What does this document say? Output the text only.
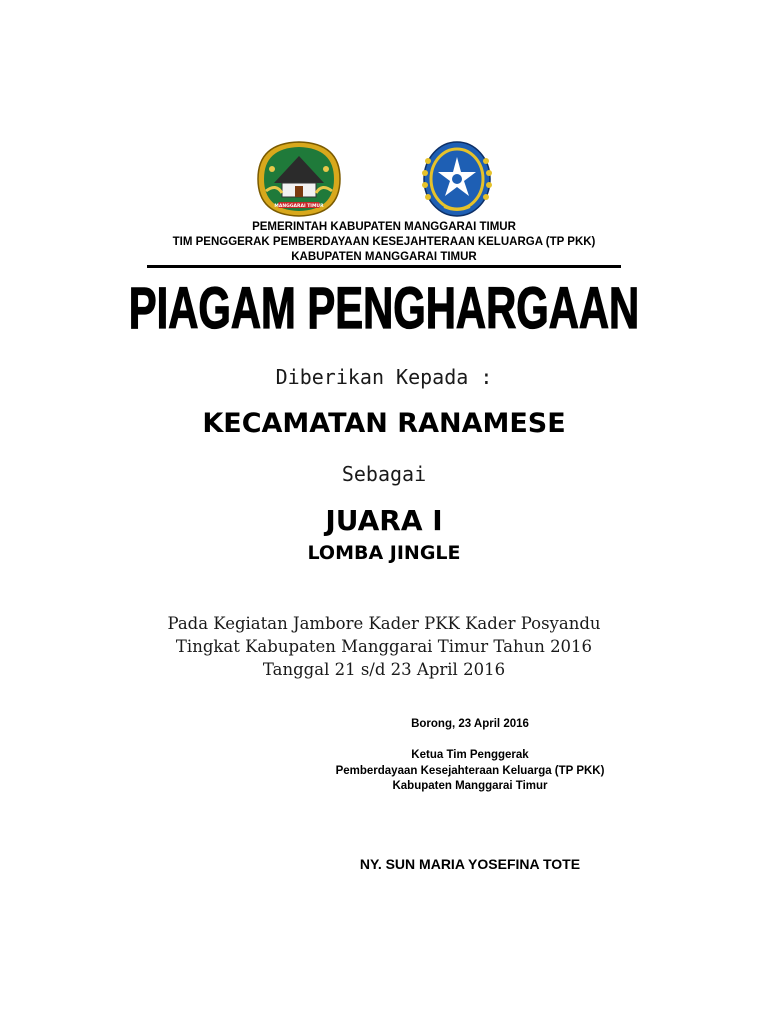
MANGGARAI TIMUR
PEMERINTAH KABUPATEN MANGGARAI TIMUR
TIM PENGGERAK PEMBERDAYAAN KESEJAHTERAAN KELUARGA (TP PKK)
KABUPATEN MANGGARAI TIMUR
PIAGAM PENGHARGAAN
Diberikan Kepada :
KECAMATAN RANAMESE
Sebagai
JUARA I
LOMBA JINGLE
Pada Kegiatan Jambore Kader PKK Kader Posyandu
Tingkat Kabupaten Manggarai Timur Tahun 2016
Tanggal 21 s/d 23 April 2016
Borong, 23 April 2016
Ketua Tim Penggerak
Pemberdayaan Kesejahteraan Keluarga (TP PKK)
Kabupaten Manggarai Timur
NY. SUN MARIA YOSEFINA TOTE
